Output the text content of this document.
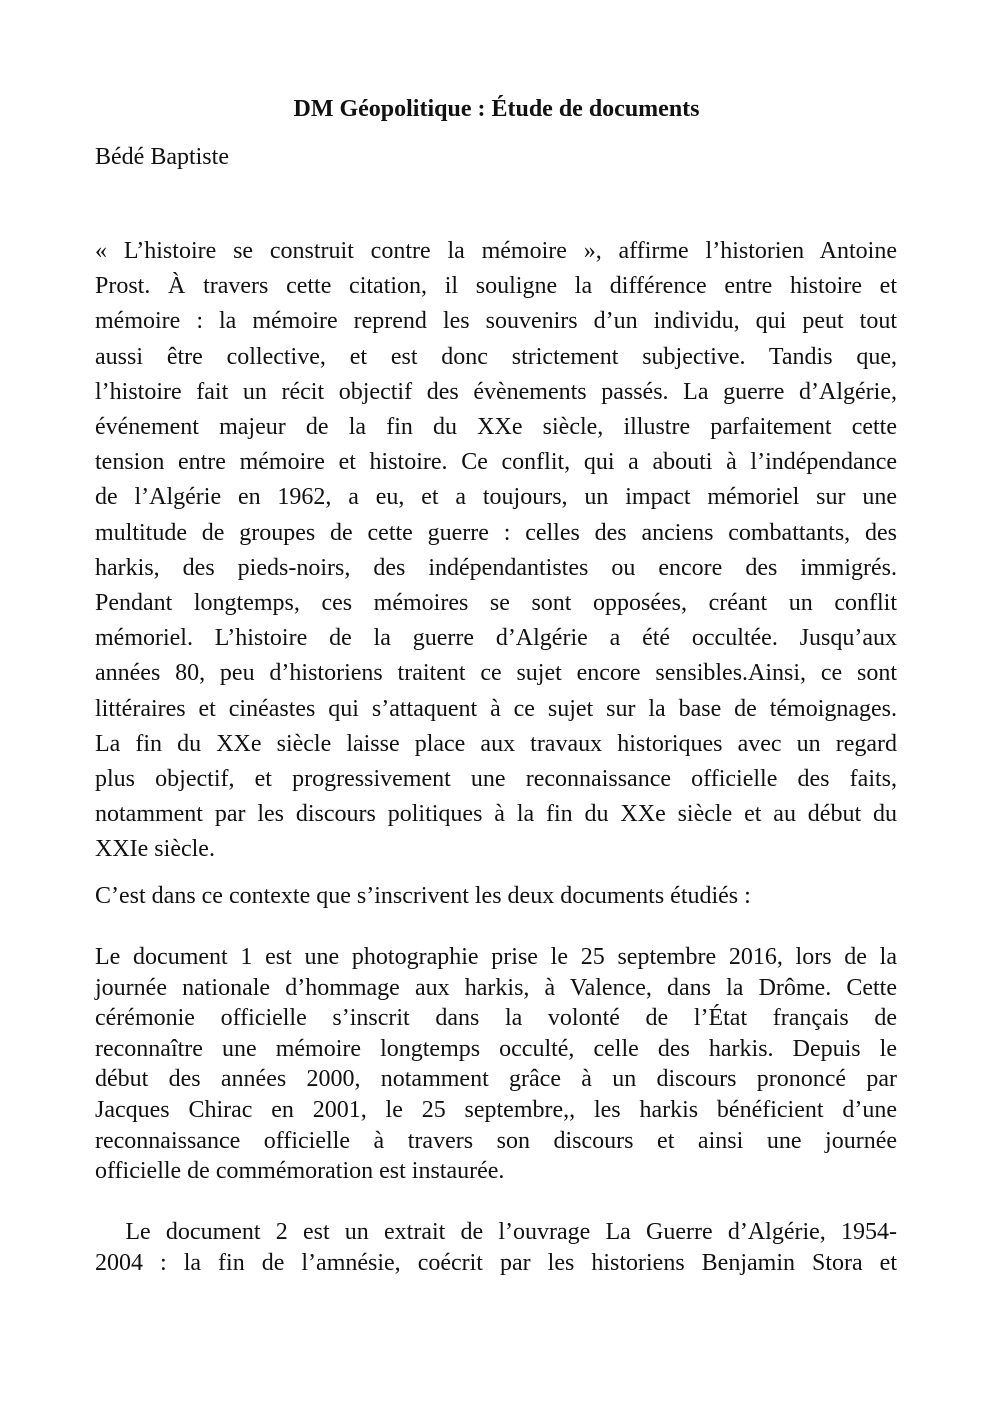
DM Géopolitique : Étude de documents

Bédé Baptiste

« L’histoire se construit contre la mémoire », affirme l’historien Antoine
Prost. À travers cette citation, il souligne la différence entre histoire et
mémoire : la mémoire reprend les souvenirs d’un individu, qui peut tout
aussi être collective, et est donc strictement subjective. Tandis que,
l’histoire fait un récit objectif des évènements passés. La guerre d’Algérie,
événement majeur de la fin du XXe siècle, illustre parfaitement cette
tension entre mémoire et histoire. Ce conflit, qui a abouti à l’indépendance
de l’Algérie en 1962, a eu, et a toujours, un impact mémoriel sur une
multitude de groupes de cette guerre : celles des anciens combattants, des
harkis, des pieds-noirs, des indépendantistes ou encore des immigrés.
Pendant longtemps, ces mémoires se sont opposées, créant un conflit
mémoriel. L’histoire de la guerre d’Algérie a été occultée. Jusqu’aux
années 80, peu d’historiens traitent ce sujet encore sensibles.Ainsi, ce sont
littéraires et cinéastes qui s’attaquent à ce sujet sur la base de témoignages.
La fin du XXe siècle laisse place aux travaux historiques avec un regard
plus objectif, et progressivement une reconnaissance officielle des faits,
notamment par les discours politiques à la fin du XXe siècle et au début du
XXIe siècle.

C’est dans ce contexte que s’inscrivent les deux documents étudiés :

Le document 1 est une photographie prise le 25 septembre 2016, lors de la
journée nationale d’hommage aux harkis, à Valence, dans la Drôme. Cette
cérémonie officielle s’inscrit dans la volonté de l’État français de
reconnaître une mémoire longtemps occulté, celle des harkis. Depuis le
début des années 2000, notamment grâce à un discours prononcé par
Jacques Chirac en 2001, le 25 septembre,, les harkis bénéficient d’une
reconnaissance officielle à travers son discours et ainsi une journée
officielle de commémoration est instaurée.

Le document 2 est un extrait de l’ouvrage La Guerre d’Algérie, 1954-
2004 : la fin de l’amnésie, coécrit par les historiens Benjamin Stora et
